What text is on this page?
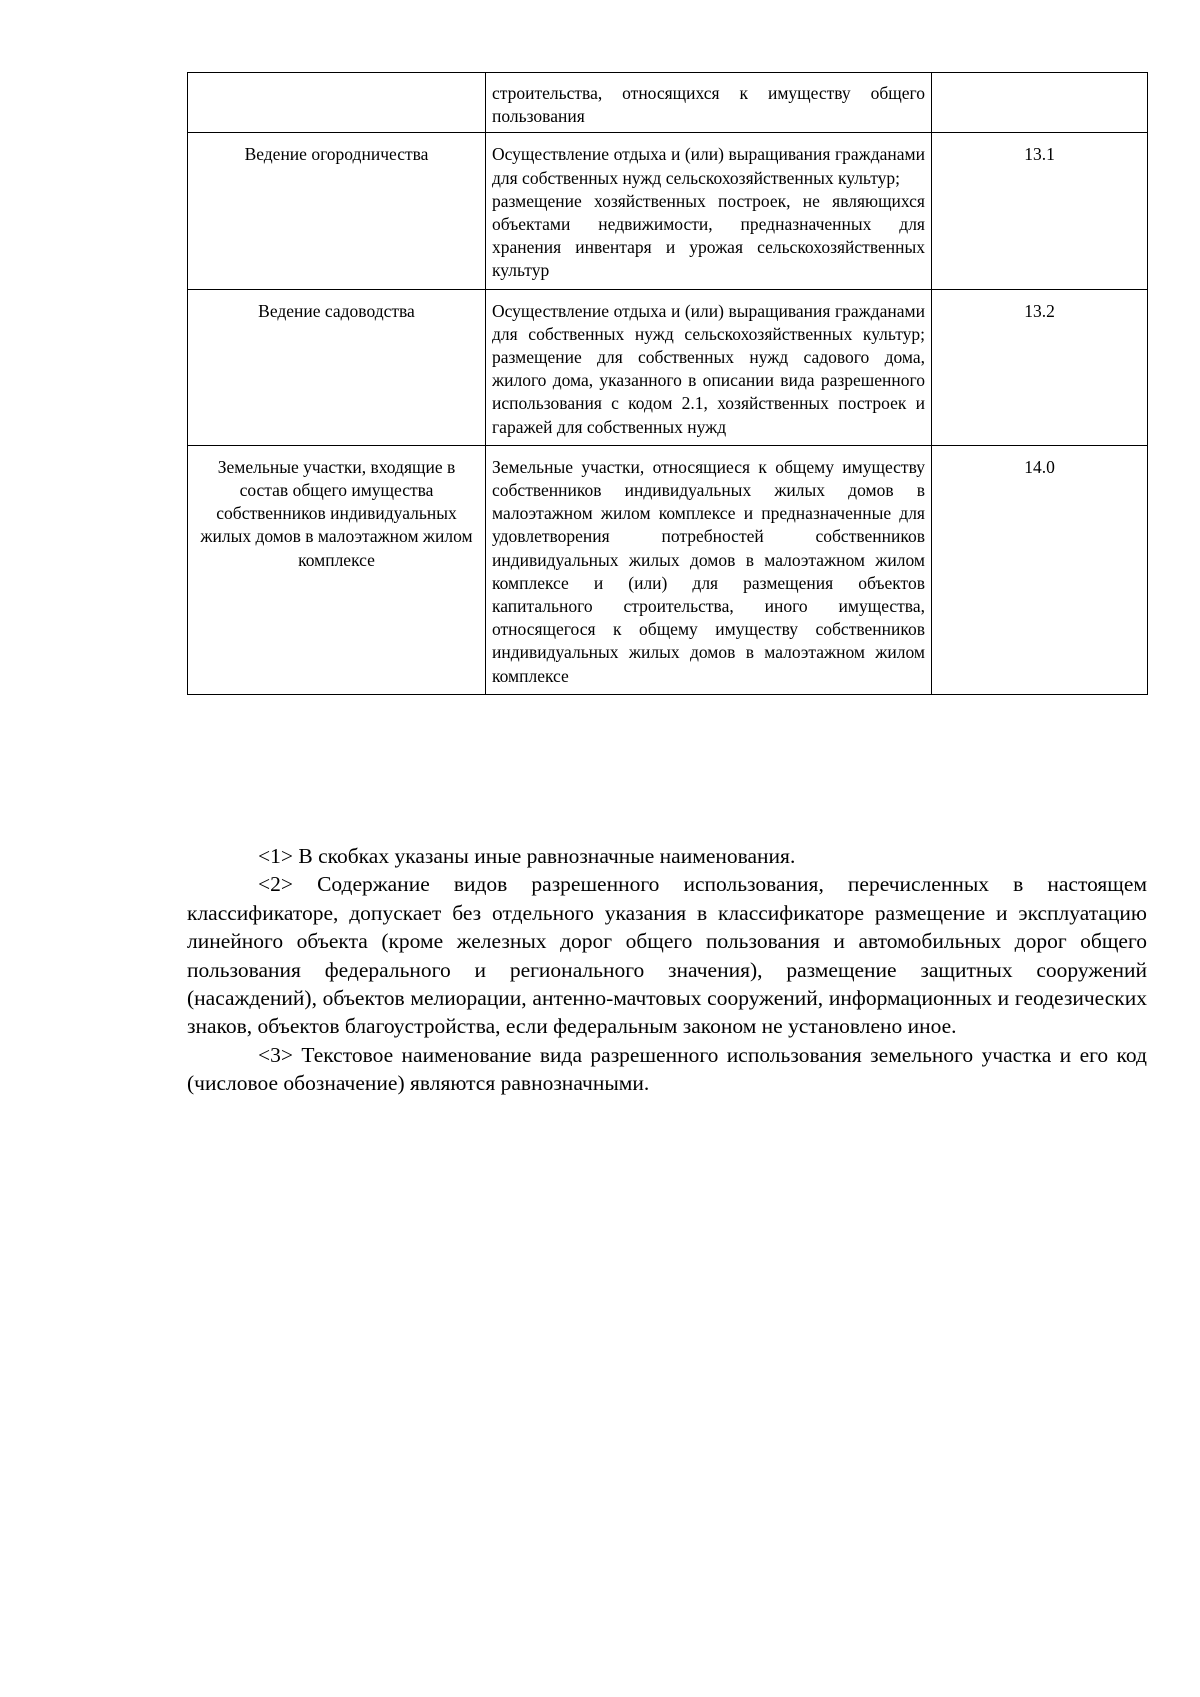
	строительства, относящихся к имуществу общего пользования	

Ведение огородничества	Осуществление отдыха и (или) выращивания гражданами для собственных нужд сельскохозяйственных культур;
размещение хозяйственных построек, не являющихся объектами недвижимости, предназначенных для хранения инвентаря и урожая сельскохозяйственных культур	13.1
Ведение садоводства	Осуществление отдыха и (или) выращивания гражданами для собственных нужд сельскохозяйственных культур; размещение для собственных нужд садового дома, жилого дома, указанного в описании вида разрешенного использования с кодом 2.1, хозяйственных построек и гаражей для собственных нужд	13.2
Земельные участки, входящие в состав общего имущества собственников индивидуальных жилых домов в малоэтажном жилом комплексе	Земельные участки, относящиеся к общему имуществу собственников индивидуальных жилых домов в малоэтажном жилом комплексе и предназначенные для удовлетворения потребностей собственников индивидуальных жилых домов в малоэтажном жилом комплексе и (или) для размещения объектов капитального строительства, иного имущества, относящегося к общему имуществу собственников индивидуальных жилых домов в малоэтажном жилом комплексе	14.0

<1> В скобках указаны иные равнозначные наименования.

<2> Содержание видов разрешенного использования, перечисленных в настоящем классификаторе, допускает без отдельного указания в классификаторе размещение и эксплуатацию линейного объекта (кроме железных дорог общего пользования и автомобильных дорог общего пользования федерального и регионального значения), размещение защитных сооружений (насаждений), объектов мелиорации, антенно-мачтовых сооружений, информационных и геодезических знаков, объектов благоустройства, если федеральным законом не установлено иное.

<3> Текстовое наименование вида разрешенного использования земельного участка и его код (числовое обозначение) являются равнозначными.
